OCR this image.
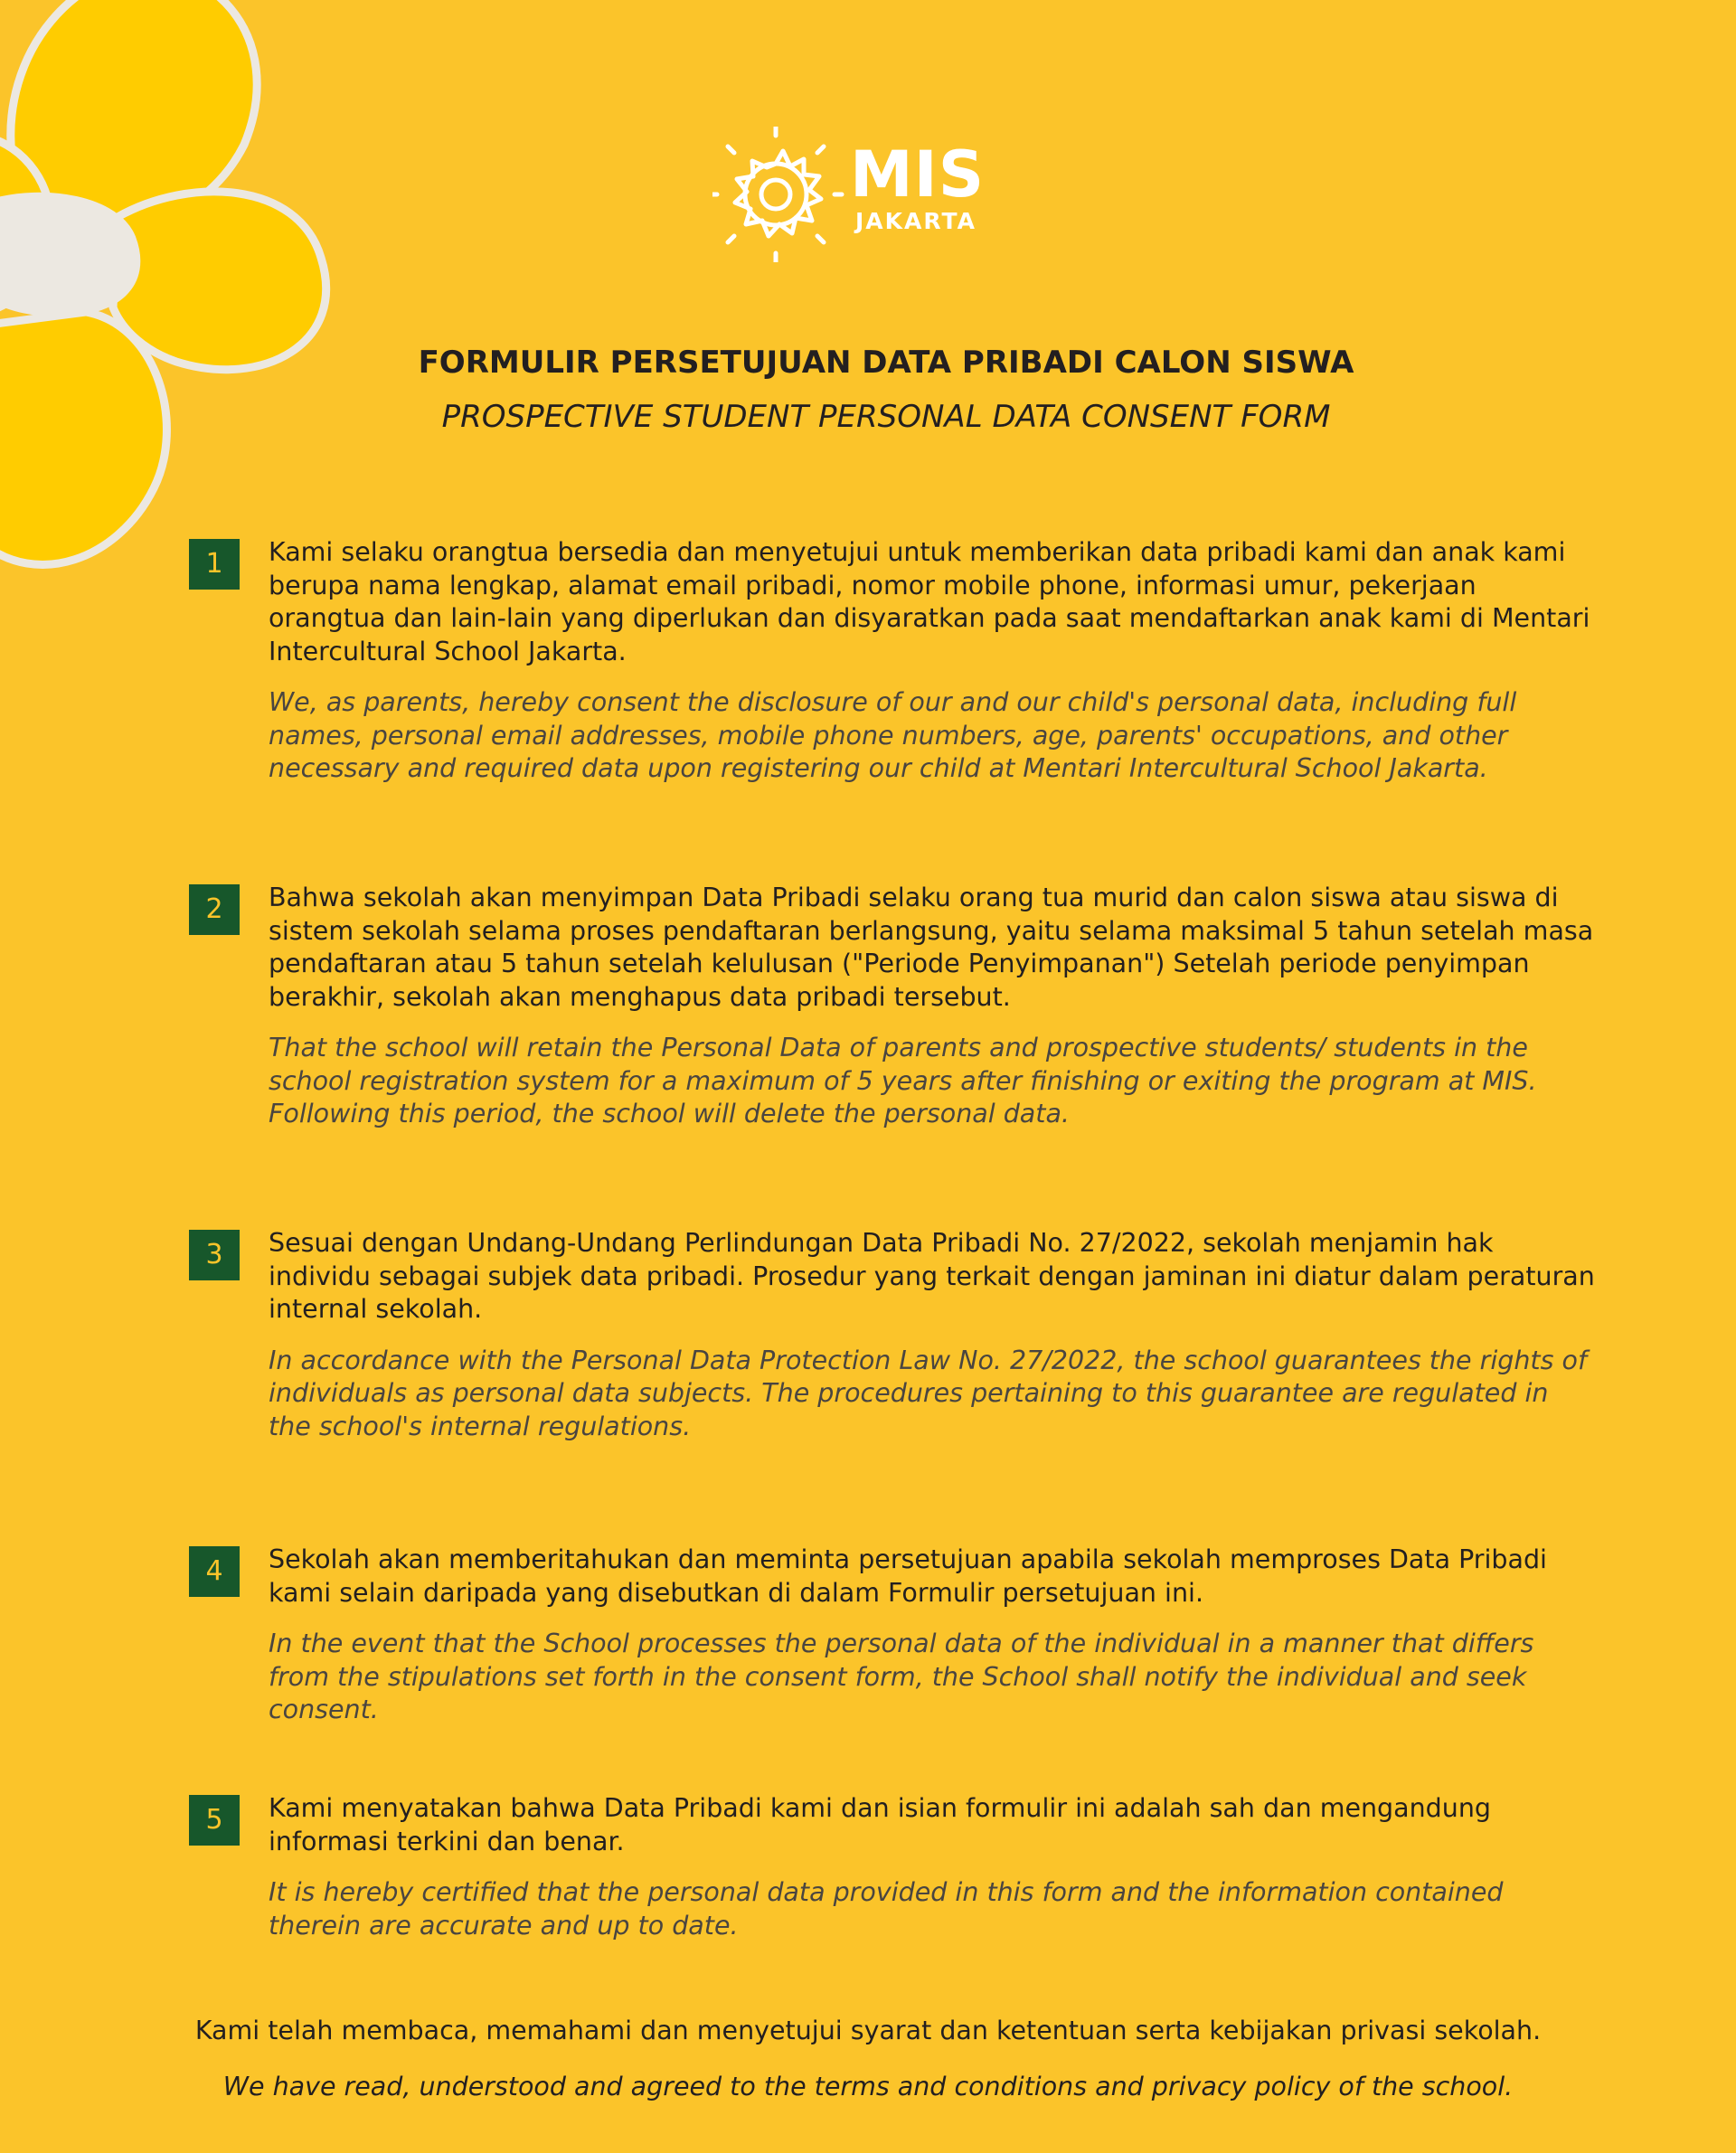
MIS
JAKARTA
FORMULIR PERSETUJUAN DATA PRIBADI CALON SISWA
PROSPECTIVE STUDENT PERSONAL DATA CONSENT FORM
1	Kami selaku orangtua bersedia dan menyetujui untuk memberikan data pribadi kami dan anak kami berupa nama lengkap, alamat email pribadi, nomor mobile phone, informasi umur, pekerjaan orangtua dan lain-lain yang diperlukan dan disyaratkan pada saat mendaftarkan anak kami di Mentari Intercultural School Jakarta.

We, as parents, hereby consent the disclosure of our and our child's personal data, including full names, personal email addresses, mobile phone numbers, age, parents' occupations, and other necessary and required data upon registering our child at Mentari Intercultural School Jakarta.

2	Bahwa sekolah akan menyimpan Data Pribadi selaku orang tua murid dan calon siswa atau siswa di sistem sekolah selama proses pendaftaran berlangsung, yaitu selama maksimal 5 tahun setelah masa pendaftaran atau 5 tahun setelah kelulusan ("Periode Penyimpanan") Setelah periode penyimpan berakhir, sekolah akan menghapus data pribadi tersebut.

That the school will retain the Personal Data of parents and prospective students/ students in the school registration system for a maximum of 5 years after finishing or exiting the program at MIS. Following this period, the school will delete the personal data.

3	Sesuai dengan Undang-Undang Perlindungan Data Pribadi No. 27/2022, sekolah menjamin hak individu sebagai subjek data pribadi. Prosedur yang terkait dengan jaminan ini diatur dalam peraturan internal sekolah.

In accordance with the Personal Data Protection Law No. 27/2022, the school guarantees the rights of individuals as personal data subjects. The procedures pertaining to this guarantee are regulated in the school's internal regulations.

4	Sekolah akan memberitahukan dan meminta persetujuan apabila sekolah memproses Data Pribadi kami selain daripada yang disebutkan di dalam Formulir persetujuan ini.

In the event that the School processes the personal data of the individual in a manner that differs from the stipulations set forth in the consent form, the School shall notify the individual and seek consent.

5	Kami menyatakan bahwa Data Pribadi kami dan isian formulir ini adalah sah dan mengandung informasi terkini dan benar.

It is hereby certified that the personal data provided in this form and the information contained therein are accurate and up to date.

Kami telah membaca, memahami dan menyetujui syarat dan ketentuan serta kebijakan privasi sekolah.
We have read, understood and agreed to the terms and conditions and privacy policy of the school.
